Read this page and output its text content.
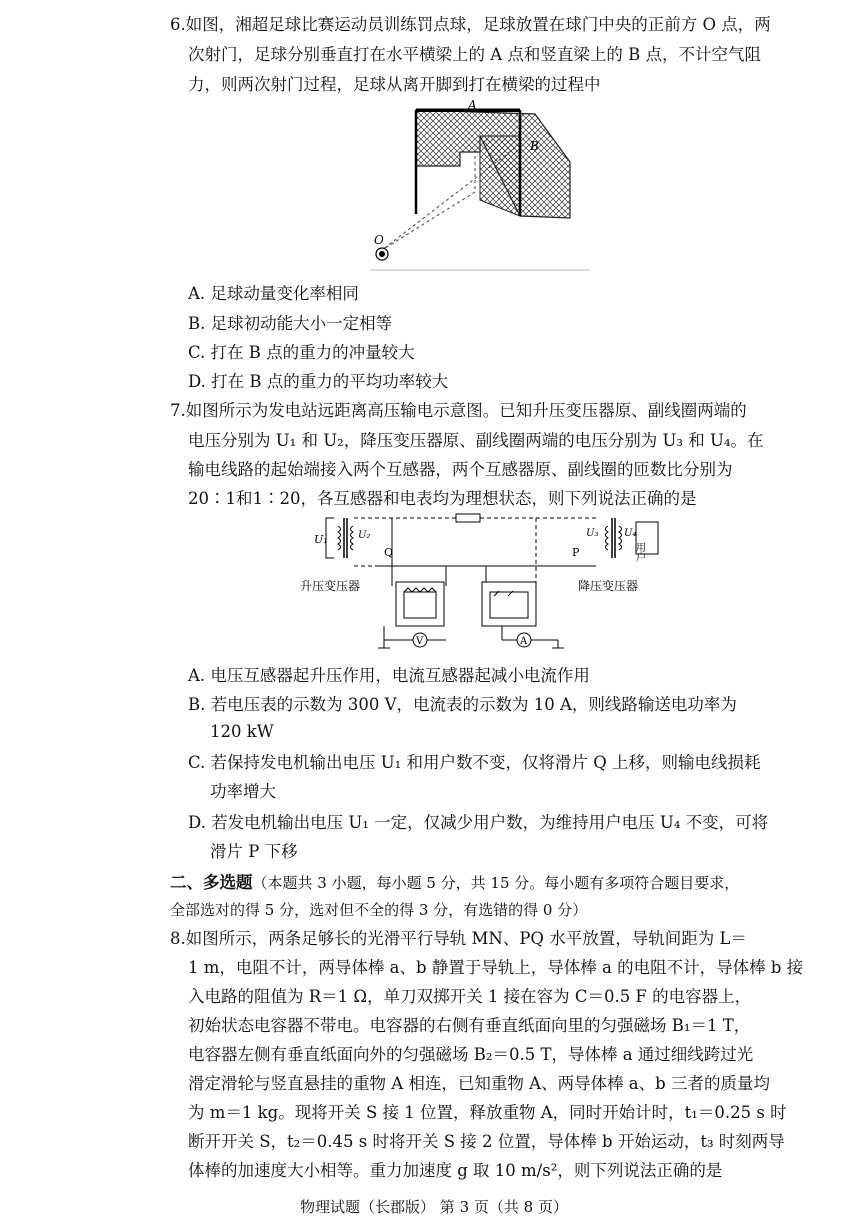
6.如图，湘超足球比赛运动员训练罚点球，足球放置在球门中央的正前方 O 点，两
次射门，足球分别垂直打在水平横梁上的 A 点和竖直梁上的 B 点，不计空气阻
力，则两次射门过程，足球从离开脚到打在横梁的过程中
A
B
O
A. 足球动量变化率相同
B. 足球初动能大小一定相等
C. 打在 B 点的重力的冲量较大
D. 打在 B 点的重力的平均功率较大
7.如图所示为发电站远距离高压输电示意图。已知升压变压器原、副线圈两端的
电压分别为 U₁ 和 U₂，降压变压器原、副线圈两端的电压分别为 U₃ 和 U₄。在
输电线路的起始端接入两个互感器，两个互感器原、副线圈的匝数比分别为
20∶1和1∶20，各互感器和电表均为理想状态，则下列说法正确的是
U₁	U₂
Q
U₃	U₄
P	用户
V	A
升压变压器	降压变压器
A. 电压互感器起升压作用，电流互感器起减小电流作用
B. 若电压表的示数为 300 V，电流表的示数为 10 A，则线路输送电功率为
120 kW
C. 若保持发电机输出电压 U₁ 和用户数不变，仅将滑片 Q 上移，则输电线损耗
功率增大
D. 若发电机输出电压 U₁ 一定，仅减少用户数，为维持用户电压 U₄ 不变，可将
滑片 P 下移
二、多选题（本题共 3 小题，每小题 5 分，共 15 分。每小题有多项符合题目要求，
全部选对的得 5 分，选对但不全的得 3 分，有选错的得 0 分）
8.如图所示，两条足够长的光滑平行导轨 MN、PQ 水平放置，导轨间距为 L＝
1 m，电阻不计，两导体棒 a、b 静置于导轨上，导体棒 a 的电阻不计，导体棒 b 接
入电路的阻值为 R＝1 Ω，单刀双掷开关 1 接在容为 C＝0.5 F 的电容器上，
初始状态电容器不带电。电容器的右侧有垂直纸面向里的匀强磁场 B₁＝1 T，
电容器左侧有垂直纸面向外的匀强磁场 B₂＝0.5 T，导体棒 a 通过细线跨过光
滑定滑轮与竖直悬挂的重物 A 相连，已知重物 A、两导体棒 a、b 三者的质量均
为 m＝1 kg。现将开关 S 接 1 位置，释放重物 A，同时开始计时，t₁＝0.25 s 时
断开开关 S，t₂＝0.45 s 时将开关 S 接 2 位置，导体棒 b 开始运动，t₃ 时刻两导
体棒的加速度大小相等。重力加速度 g 取 10 m/s²，则下列说法正确的是
物理试题（长郡版） 第 3 页（共 8 页）
